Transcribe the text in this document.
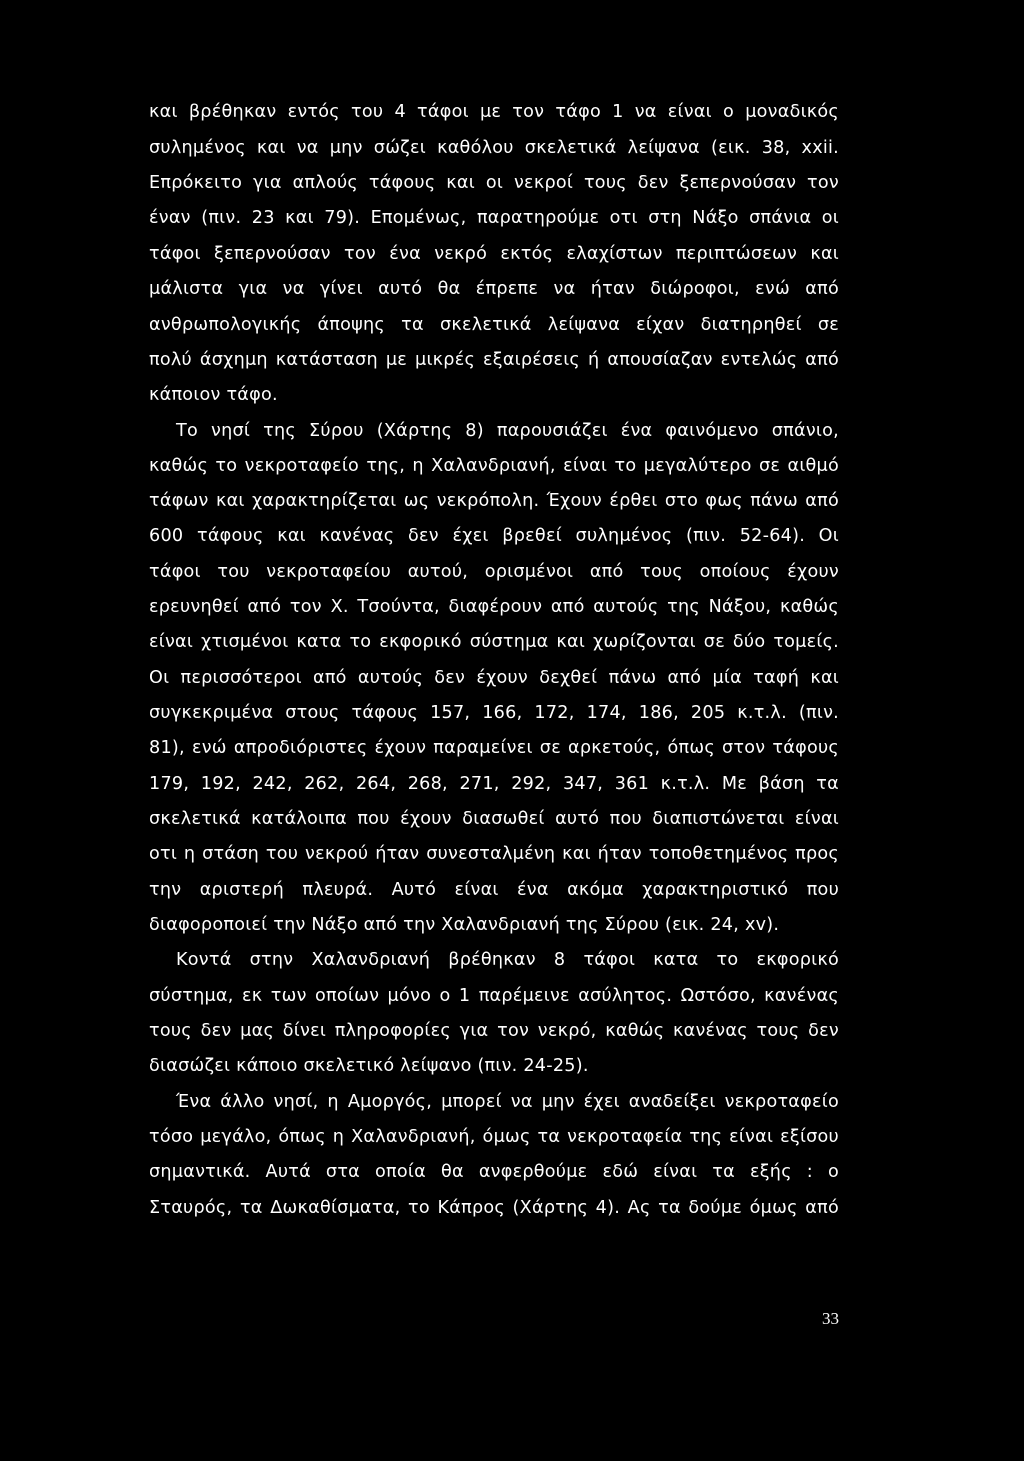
και βρέθηκαν εντός του 4 τάφοι με τον τάφο 1 να είναι ο μοναδικός

συλημένος και να μην σώζει καθόλου σκελετικά λείψανα (εικ. 38, xxii.

Επρόκειτο για απλούς τάφους και οι νεκροί τους δεν ξεπερνούσαν τον

έναν (πιν. 23 και 79). Επομένως, παρατηρούμε οτι στη Νάξο σπάνια οι

τάφοι ξεπερνούσαν τον ένα νεκρό εκτός ελαχίστων περιπτώσεων και

μάλιστα για να γίνει αυτό θα έπρεπε να ήταν διώροφοι, ενώ από

ανθρωπολογικής άποψης τα σκελετικά λείψανα είχαν διατηρηθεί σε

πολύ άσχημη κατάσταση με μικρές εξαιρέσεις ή απουσίαζαν εντελώς από

κάποιον τάφο.

Το νησί της Σύρου (Χάρτης 8) παρουσιάζει ένα φαινόμενο σπάνιο,

καθώς το νεκροταφείο της, η Χαλανδριανή, είναι το μεγαλύτερο σε αιθμό

τάφων και χαρακτηρίζεται ως νεκρόπολη. Έχουν έρθει στο φως πάνω από

600 τάφους και κανένας δεν έχει βρεθεί συλημένος (πιν. 52-64). Οι

τάφοι του νεκροταφείου αυτού, ορισμένοι από τους οποίους έχουν

ερευνηθεί από τον X. Τσούντα, διαφέρουν από αυτούς της Νάξου, καθώς

είναι χτισμένοι κατα το εκφορικό σύστημα και χωρίζονται σε δύο τομείς.

Οι περισσότεροι από αυτούς δεν έχουν δεχθεί πάνω από μία ταφή και

συγκεκριμένα στους τάφους 157, 166, 172, 174, 186, 205 κ.τ.λ. (πιν.

81), ενώ απροδιόριστες έχουν παραμείνει σε αρκετούς, όπως στον τάφους

179, 192, 242, 262, 264, 268, 271, 292, 347, 361 κ.τ.λ. Με βάση τα

σκελετικά κατάλοιπα που έχουν διασωθεί αυτό που διαπιστώνεται είναι

οτι η στάση του νεκρού ήταν συνεσταλμένη και ήταν τοποθετημένος προς

την αριστερή πλευρά. Αυτό είναι ένα ακόμα χαρακτηριστικό που

διαφοροποιεί την Νάξο από την Χαλανδριανή της Σύρου (εικ. 24, xv).

Κοντά στην Χαλανδριανή βρέθηκαν 8 τάφοι κατα το εκφορικό

σύστημα, εκ των οποίων μόνο ο 1 παρέμεινε ασύλητος. Ωστόσο, κανένας

τους δεν μας δίνει πληροφορίες για τον νεκρό, καθώς κανένας τους δεν

διασώζει κάποιο σκελετικό λείψανο (πιν. 24-25).

Ένα άλλο νησί, η Αμοργός, μπορεί να μην έχει αναδείξει νεκροταφείο

τόσο μεγάλο, όπως η Χαλανδριανή, όμως τα νεκροταφεία της είναι εξίσου

σημαντικά. Αυτά στα οποία θα ανφερθούμε εδώ είναι τα εξής : ο

Σταυρός, τα Δωκαθίσματα, το Κάπρος (Χάρτης 4). Ας τα δούμε όμως από

33
